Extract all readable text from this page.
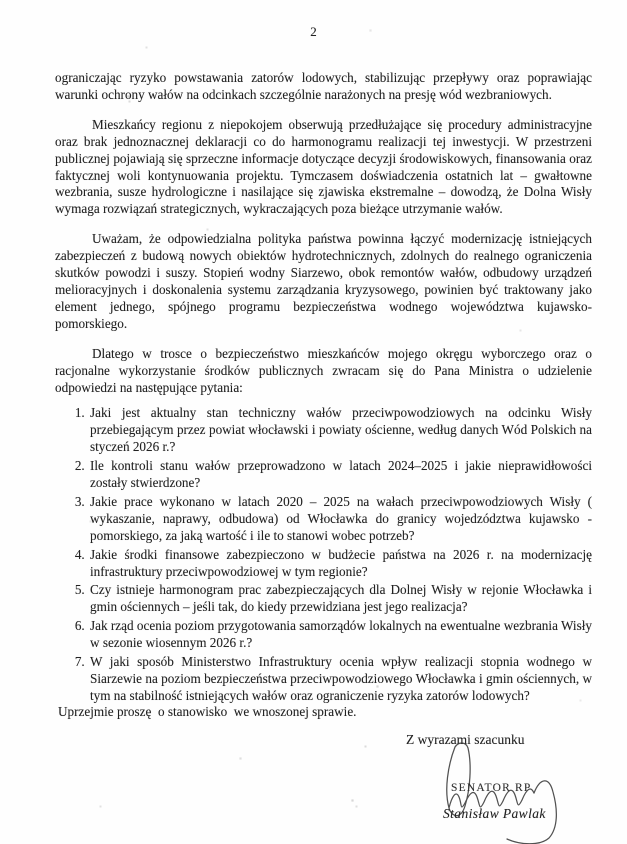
2

ograniczając ryzyko powstawania zatorów lodowych, stabilizując przepływy oraz poprawiając warunki ochrony wałów na odcinkach szczególnie narażonych na presję wód wezbraniowych.

Mieszkańcy regionu z niepokojem obserwują przedłużające się procedury administracyjne oraz brak jednoznacznej deklaracji co do harmonogramu realizacji tej inwestycji. W przestrzeni publicznej pojawiają się sprzeczne informacje dotyczące decyzji środowiskowych, finansowania oraz faktycznej woli kontynuowania projektu. Tymczasem doświadczenia ostatnich lat – gwałtowne wezbrania, susze hydrologiczne i nasilające się zjawiska ekstremalne – dowodzą, że Dolna Wisły wymaga rozwiązań strategicznych, wykraczających poza bieżące utrzymanie wałów.

Uważam, że odpowiedzialna polityka państwa powinna łączyć modernizację istniejących zabezpieczeń z budową nowych obiektów hydrotechnicznych, zdolnych do realnego ograniczenia skutków powodzi i suszy. Stopień wodny Siarzewo, obok remontów wałów, odbudowy urządzeń melioracyjnych i doskonalenia systemu zarządzania kryzysowego, powinien być traktowany jako element jednego, spójnego programu bezpieczeństwa wodnego województwa kujawsko-pomorskiego.

Dlatego w trosce o bezpieczeństwo mieszkańców mojego okręgu wyborczego oraz o racjonalne wykorzystanie środków publicznych zwracam się do Pana Ministra o udzielenie odpowiedzi na następujące pytania:

1. Jaki jest aktualny stan techniczny wałów przeciwpowodziowych na odcinku Wisły przebiegającym przez powiat włocławski i powiaty ościenne, według danych Wód Polskich na styczeń 2026 r.?
2. Ile kontroli stanu wałów przeprowadzono w latach 2024–2025 i jakie nieprawidłowości zostały stwierdzone?
3. Jakie prace wykonano w latach 2020 – 2025 na wałach przeciwpowodziowych Wisły ( wykaszanie, naprawy, odbudowa) od Włocławka do granicy wojedzództwa kujawsko - pomorskiego, za jaką wartość i ile to stanowi wobec potrzeb?
4. Jakie środki finansowe zabezpieczono w budżecie państwa na 2026 r. na modernizację infrastruktury przeciwpowodziowej w tym regionie?
5. Czy istnieje harmonogram prac zabezpieczających dla Dolnej Wisły w rejonie Włocławka i gmin ościennych – jeśli tak, do kiedy przewidziana jest jego realizacja?
6. Jak rząd ocenia poziom przygotowania samorządów lokalnych na ewentualne wezbrania Wisły w sezonie wiosennym 2026 r.?
7. W jaki sposób Ministerstwo Infrastruktury ocenia wpływ realizacji stopnia wodnego w Siarzewie na poziom bezpieczeństwa przeciwpowodziowego Włocławka i gmin ościennych, w tym na stabilność istniejących wałów oraz ograniczenie ryzyka zatorów lodowych?

Uprzejmie proszę  o stanowisko  we wnoszonej sprawie.

Z wyrazami szacunku
SENATOR RP
Stanisław Pawlak
